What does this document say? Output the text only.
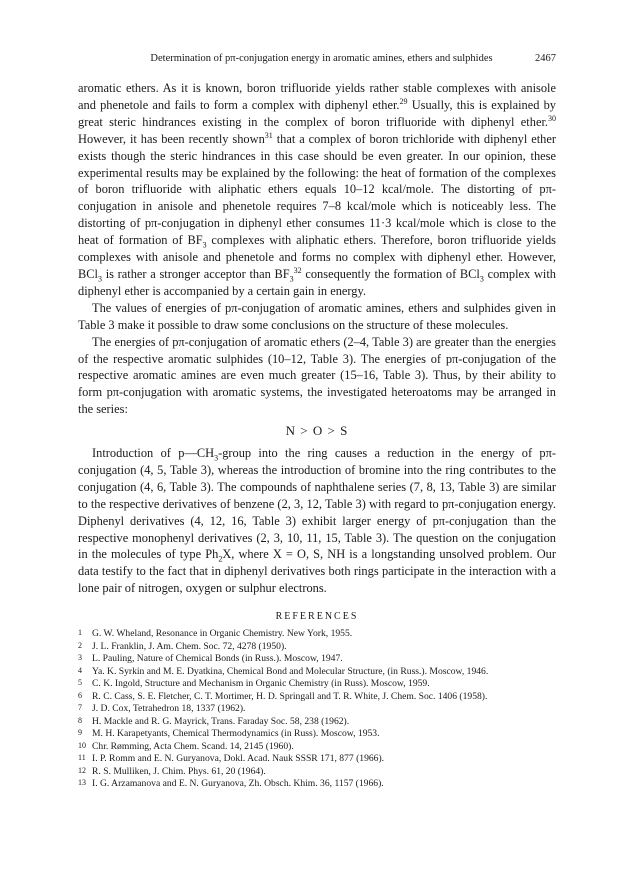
Determination of pπ-conjugation energy in aromatic amines, ethers and sulphides	2467

aromatic ethers. As it is known, boron trifluoride yields rather stable complexes with anisole and phenetole and fails to form a complex with diphenyl ether.$^{29}$ Usually, this is explained by great steric hindrances existing in the complex of boron trifluoride with diphenyl ether.$^{30}$ However, it has been recently shown$^{31}$ that a complex of boron trichloride with diphenyl ether exists though the steric hindrances in this case should be even greater. In our opinion, these experimental results may be explained by the following: the heat of formation of the complexes of boron trifluoride with aliphatic ethers equals 10–12 kcal/mole. The distorting of pπ-conjugation in anisole and phenetole requires 7–8 kcal/mole which is noticeably less. The distorting of pπ-conjugation in diphenyl ether consumes 11·3 kcal/mole which is close to the heat of formation of $BF_3$ complexes with aliphatic ethers. Therefore, boron trifluoride yields complexes with anisole and phenetole and forms no complex with diphenyl ether. However, BCl$_3$ is rather a stronger acceptor than $BF_3^{32}$ consequently the formation of BCl$_3$ complex with diphenyl ether is accompanied by a certain gain in energy.

The values of energies of pπ-conjugation of aromatic amines, ethers and sulphides given in Table 3 make it possible to draw some conclusions on the structure of these molecules.

The energies of pπ-conjugation of aromatic ethers (2–4, Table 3) are greater than the energies of the respective aromatic sulphides (10–12, Table 3). The energies of pπ-conjugation of the respective aromatic amines are even much greater (15–16, Table 3). Thus, by their ability to form pπ-conjugation with aromatic systems, the investigated heteroatoms may be arranged in the series:

N > O > S

Introduction of $p—CH_3$-group into the ring causes a reduction in the energy of pπ-conjugation (4, 5, Table 3), whereas the introduction of bromine into the ring contributes to the conjugation (4, 6, Table 3). The compounds of naphthalene series (7, 8, 13, Table 3) are similar to the respective derivatives of benzene (2, 3, 12, Table 3) with regard to pπ-conjugation energy. Diphenyl derivatives (4, 12, 16, Table 3) exhibit larger energy of pπ-conjugation than the respective monophenyl derivatives (2, 3, 10, 11, 15, Table 3). The question on the conjugation in the molecules of type $Ph_2X$, where X = O, S, NH is a longstanding unsolved problem. Our data testify to the fact that in diphenyl derivatives both rings participate in the interaction with a lone pair of nitrogen, oxygen or sulphur electrons.

REFERENCES
1	G. W. Wheland, Resonance in Organic Chemistry. New York, 1955.
2	J. L. Franklin, J. Am. Chem. Soc. 72, 4278 (1950).
3	L. Pauling, Nature of Chemical Bonds (in Russ.). Moscow, 1947.
4	Ya. K. Syrkin and M. E. Dyatkina, Chemical Bond and Molecular Structure, (in Russ.). Moscow, 1946.
5	C. K. Ingold, Structure and Mechanism in Organic Chemistry (in Russ). Moscow, 1959.
6	R. C. Cass, S. E. Fletcher, C. T. Mortimer, H. D. Springall and T. R. White, J. Chem. Soc. 1406 (1958).
7	J. D. Cox, Tetrahedron 18, 1337 (1962).
8	H. Mackle and R. G. Mayrick, Trans. Faraday Soc. 58, 238 (1962).
9	M. H. Karapetyants, Chemical Thermodynamics (in Russ). Moscow, 1953.
10 Chr. Rømming, Acta Chem. Scand. 14, 2145 (1960).
11 I. P. Romm and E. N. Guryanova, Dokl. Acad. Nauk SSSR 171, 877 (1966).
12 R. S. Mulliken, J. Chim. Phys. 61, 20 (1964).
13 I. G. Arzamanova and E. N. Guryanova, Zh. Obsch. Khim. 36, 1157 (1966).
